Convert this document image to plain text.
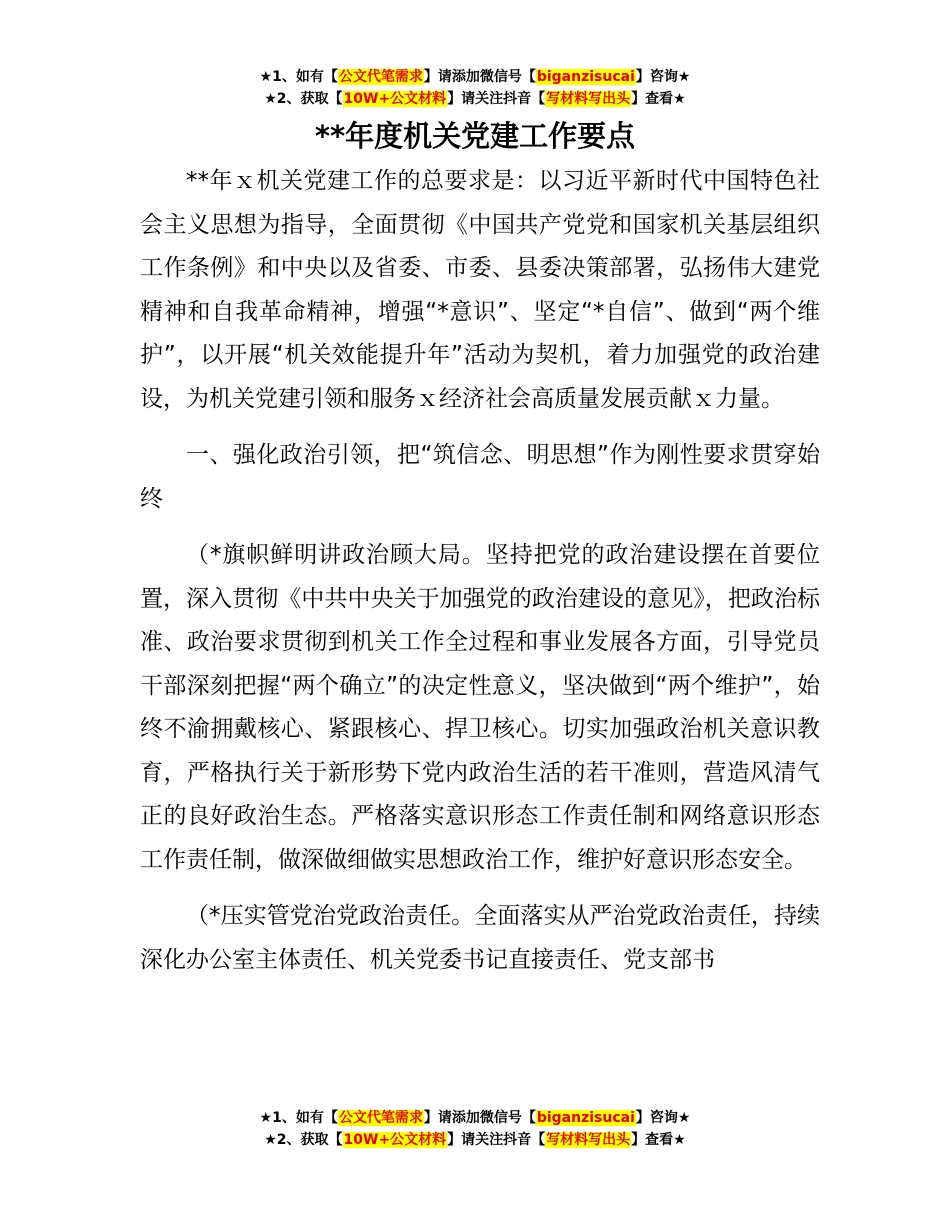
★1、如有【公文代笔需求】请添加微信号【biganzisucai】咨询★
★2、获取【10W+公文材料】请关注抖音【写材料写出头】查看★
**年度机关党建工作要点

**年ｘ机关党建工作的总要求是：以习近平新时代中国特色社会主义思想为指导，全面贯彻《中国共产党党和国家机关基层组织工作条例》和中央以及省委、市委、县委决策部署，弘扬伟大建党精神和自我革命精神，增强“*意识”、坚定“*自信”、做到“两个维护”，以开展“机关效能提升年”活动为契机，着力加强党的政治建设，为机关党建引领和服务ｘ经济社会高质量发展贡献ｘ力量。

一、强化政治引领，把“筑信念、明思想”作为刚性要求贯穿始终

（*旗帜鲜明讲政治顾大局。坚持把党的政治建设摆在首要位置，深入贯彻《中共中央关于加强党的政治建设的意见》，把政治标准、政治要求贯彻到机关工作全过程和事业发展各方面，引导党员干部深刻把握“两个确立”的决定性意义，坚决做到“两个维护”，始终不渝拥戴核心、紧跟核心、捍卫核心。切实加强政治机关意识教育，严格执行关于新形势下党内政治生活的若干准则，营造风清气正的良好政治生态。严格落实意识形态工作责任制和网络意识形态工作责任制，做深做细做实思想政治工作，维护好意识形态安全。

（*压实管党治党政治责任。全面落实从严治党政治责任，持续深化办公室主体责任、机关党委书记直接责任、党支部书

★1、如有【公文代笔需求】请添加微信号【biganzisucai】咨询★
★2、获取【10W+公文材料】请关注抖音【写材料写出头】查看★
